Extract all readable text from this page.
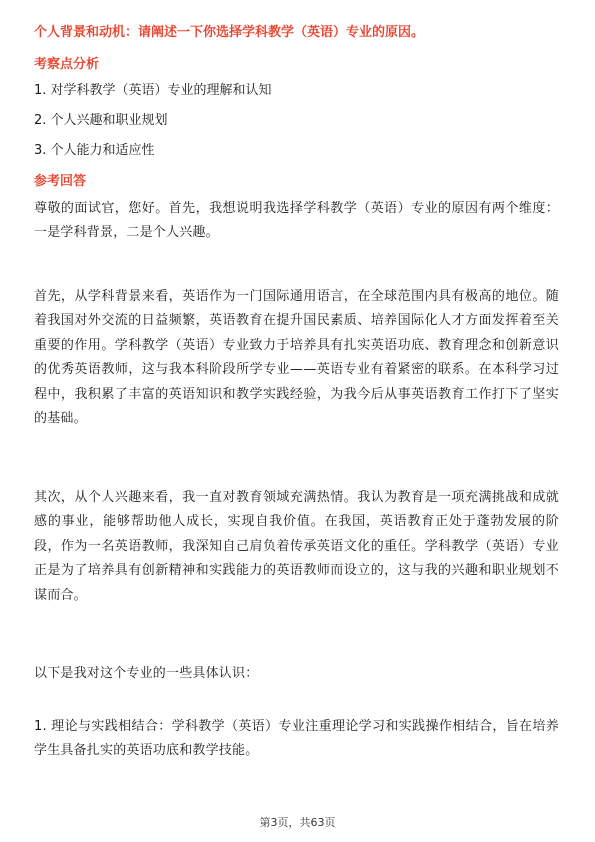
个人背景和动机：请阐述一下你选择学科教学（英语）专业的原因。
考察点分析
1. 对学科教学（英语）专业的理解和认知
2. 个人兴趣和职业规划
3. 个人能力和适应性
参考回答
尊敬的面试官，您好。首先，我想说明我选择学科教学（英语）专业的原因有两个维度：一是学科背景，二是个人兴趣。
首先，从学科背景来看，英语作为一门国际通用语言，在全球范围内具有极高的地位。随着我国对外交流的日益频繁，英语教育在提升国民素质、培养国际化人才方面发挥着至关重要的作用。学科教学（英语）专业致力于培养具有扎实英语功底、教育理念和创新意识的优秀英语教师，这与我本科阶段所学专业——英语专业有着紧密的联系。在本科学习过程中，我积累了丰富的英语知识和教学实践经验，为我今后从事英语教育工作打下了坚实的基础。
其次，从个人兴趣来看，我一直对教育领域充满热情。我认为教育是一项充满挑战和成就感的事业，能够帮助他人成长，实现自我价值。在我国，英语教育正处于蓬勃发展的阶段，作为一名英语教师，我深知自己肩负着传承英语文化的重任。学科教学（英语）专业正是为了培养具有创新精神和实践能力的英语教师而设立的，这与我的兴趣和职业规划不谋而合。
以下是我对这个专业的一些具体认识：
1. 理论与实践相结合：学科教学（英语）专业注重理论学习和实践操作相结合，旨在培养学生具备扎实的英语功底和教学技能。
第3页，共63页
